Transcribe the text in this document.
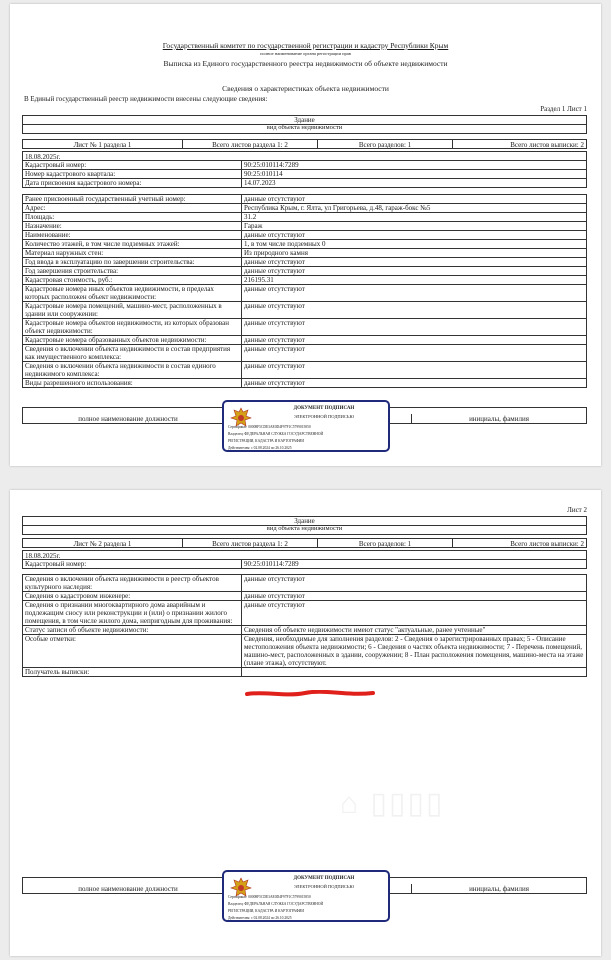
Государственный комитет по государственной регистрации и кадастру Республики Крым
полное наименование органа регистрации прав
Выписка из Единого государственного реестра недвижимости об объекте недвижимости
Сведения о характеристиках объекта недвижимости
В Единый государственный реестр недвижимости внесены следующие сведения:
Раздел 1 Лист 1
Здание
вид объекта недвижимости
Лист № 1 раздела 1	Всего листов раздела 1: 2	Всего разделов: 1	Всего листов выписки: 2
18.08.2025г.
Кадастровый номер:	90:25:010114:7289
Номер кадастрового квартала:	90:25:010114
Дата присвоения кадастрового номера:	14.07.2023
Ранее присвоенный государственный учетный номер:	данные отсутствуют
Адрес:	Республика Крым, г. Ялта, ул Григорьева, д.48, гараж-бокс №5
Площадь:	31.2
Назначение:	Гараж
Наименование:	данные отсутствуют
Количество этажей, в том числе подземных этажей:	1, в том числе подземных 0
Материал наружных стен:	Из природного камня
Год ввода в эксплуатацию по завершении строительства:	данные отсутствуют
Год завершения строительства:	данные отсутствуют
Кадастровая стоимость, руб.:	216195.31
Кадастровые номера иных объектов недвижимости, в пределах которых расположен объект недвижимости:	данные отсутствуют
Кадастровые номера помещений, машино-мест, расположенных в здании или сооружении:	данные отсутствуют
Кадастровые номера объектов недвижимости, из которых образован объект недвижимости:	данные отсутствуют
Кадастровые номера образованных объектов недвижимости:	данные отсутствуют
Сведения о включении объекта недвижимости в состав предприятия как имущественного комплекса:	данные отсутствуют
Сведения о включении объекта недвижимости в состав единого недвижимого комплекса:	данные отсутствуют
Виды разрешенного использования:	данные отсутствуют
полное наименование должности	инициалы, фамилия
ДОКУМЕНТ ПОДПИСАН
ЭЛЕКТРОННОЙ ПОДПИСЬЮ
Сертификат: 00008F5CDE3AE0D4F97F1C5799015850
Владелец: ФЕДЕРАЛЬНАЯ СЛУЖБА ГОСУДАРСТВЕННОЙ
РЕГИСТРАЦИИ, КАДАСТРА И КАРТОГРАФИИ
Действителен: с 02.08.2024 по 26.10.2025
Лист 2
Здание
вид объекта недвижимости
Лист № 2 раздела 1	Всего листов раздела 1: 2	Всего разделов: 1	Всего листов выписки: 2
18.08.2025г.
Кадастровый номер:	90:25:010114:7289
Сведения о включении объекта недвижимости в реестр объектов культурного наследия:	данные отсутствуют
Сведения о кадастровом инженере:	данные отсутствуют
Сведения о признании многоквартирного дома аварийным и подлежащим сносу или реконструкции и (или) о признании жилого помещения, в том числе жилого дома, непригодным для проживания:	данные отсутствуют
Статус записи об объекте недвижимости:	Сведения об объекте недвижимости имеют статус "актуальные, ранее учтенные"
Особые отметки:	Сведения, необходимые для заполнения разделов: 2 - Сведения о зарегистрированных правах; 5 - Описание местоположения объекта недвижимости; 6 - Сведения о частях объекта недвижимости; 7 - Перечень помещений, машино-мест, расположенных в здании, сооружении; 8 - План расположения помещения, машино-места на этаже (плане этажа), отсутствуют.
Получатель выписки:	
⌂ ▯▯▯▯
полное наименование должности	инициалы, фамилия
ДОКУМЕНТ ПОДПИСАН
ЭЛЕКТРОННОЙ ПОДПИСЬЮ
Сертификат: 00008F5CDE3AE0D4F97F1C5799015850
Владелец: ФЕДЕРАЛЬНАЯ СЛУЖБА ГОСУДАРСТВЕННОЙ
РЕГИСТРАЦИИ, КАДАСТРА И КАРТОГРАФИИ
Действителен: с 02.08.2024 по 26.10.2025
